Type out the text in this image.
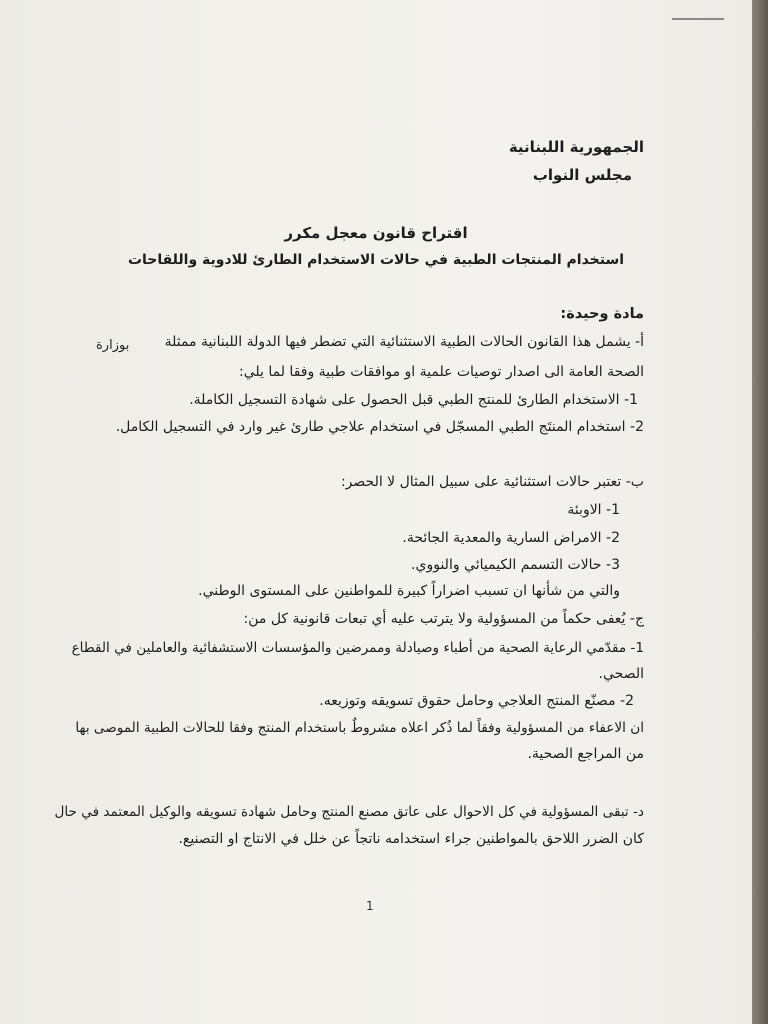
الجمهورية اللبنانية
مجلس النواب
اقتراح قانون معجل مكرر
استخدام المنتجات الطبية في حالات الاستخدام الطارئ للادوية واللقاحات
مادة وحيدة:
أ- يشمل هذا القانون الحالات الطبية الاستثنائية التي تضطر فيها الدولة اللبنانية ممثلة
بوزارة
الصحة العامة الى اصدار توصيات علمية او موافقات طبية وفقا لما يلي:
1- الاستخدام الطارئ للمنتج الطبي قبل الحصول على شهادة التسجيل الكاملة.
2- استخدام المنتَج الطبي المسجّل في استخدام علاجي طارئ غير وارد في التسجيل الكامل.
ب- تعتبر حالات استثنائية على سبيل المثال لا الحصر:
1- الاوبئة
2- الامراض السارية والمعدية الجائحة.
3- حالات التسمم الكيميائي والنووي.
والتي من شأنها ان تسبب اضراراً كبيرة للمواطنين على المستوى الوطني.
ج- يُعفى حكماً من المسؤولية ولا يترتب عليه أي تبعات قانونية كل من:
1- مقدّمي الرعاية الصحية من أطباء وصيادلة وممرضين والمؤسسات الاستشفائية والعاملين في القطاع
الصحي.
2- مصنّع المنتج العلاجي وحامل حقوق تسويقه وتوزيعه.
ان الاعفاء من المسؤولية وفقاً لما ذُكر اعلاه مشروطٌ باستخدام المنتج وفقا للحالات الطبية الموصى بها
من المراجع الصحية.
د- تبقى المسؤولية في كل الاحوال على عاتق مصنع المنتج وحامل شهادة تسويقه والوكيل المعتمد في حال
كان الضرر اللاحق بالمواطنين جراء استخدامه ناتجاً عن خلل في الانتاج او التصنيع.
1
